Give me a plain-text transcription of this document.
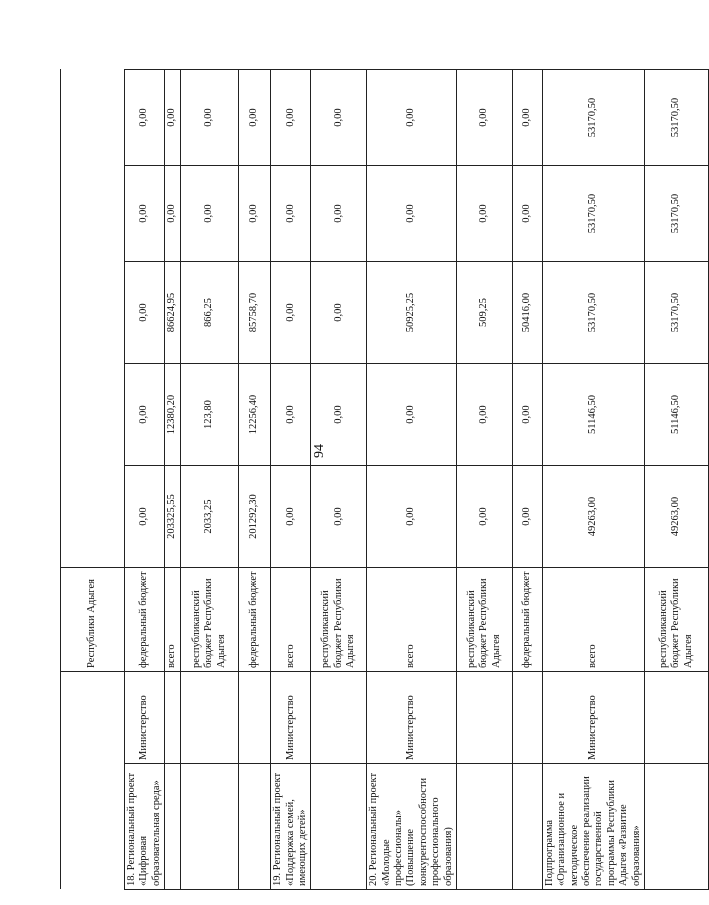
94
		Республики Адыгея					
18. Региональный проект «Цифровая образовательная среда»	Министерство	федеральный бюджет	0,00	0,00	0,00	0,00	0,00
		всего	203325,55	12380,20	86624,95	0,00	0,00
		республиканский бюджет Республики Адыгея	2033,25	123,80	866,25	0,00	0,00
		федеральный бюджет	201292,30	12256,40	85758,70	0,00	0,00
19. Региональный проект «Поддержка семей, имеющих детей»	Министерство	всего	0,00	0,00	0,00	0,00	0,00
		республиканский бюджет Республики Адыгея	0,00	0,00	0,00	0,00	0,00
20. Региональный проект «Молодые профессионалы» (Повышение конкурентоспособности профессионального образования)	Министерство	всего	0,00	0,00	50925,25	0,00	0,00
		республиканский бюджет Республики Адыгея	0,00	0,00	509,25	0,00	0,00
		федеральный бюджет	0,00	0,00	50416,00	0,00	0,00
Подпрограмма «Организационное и методическое обеспечение реализации государственной программы Республики Адыгея «Развитие образования»	Министерство	всего	49263,00	51146,50	53170,50	53170,50	53170,50
		республиканский бюджет Республики Адыгея	49263,00	51146,50	53170,50	53170,50	53170,50
